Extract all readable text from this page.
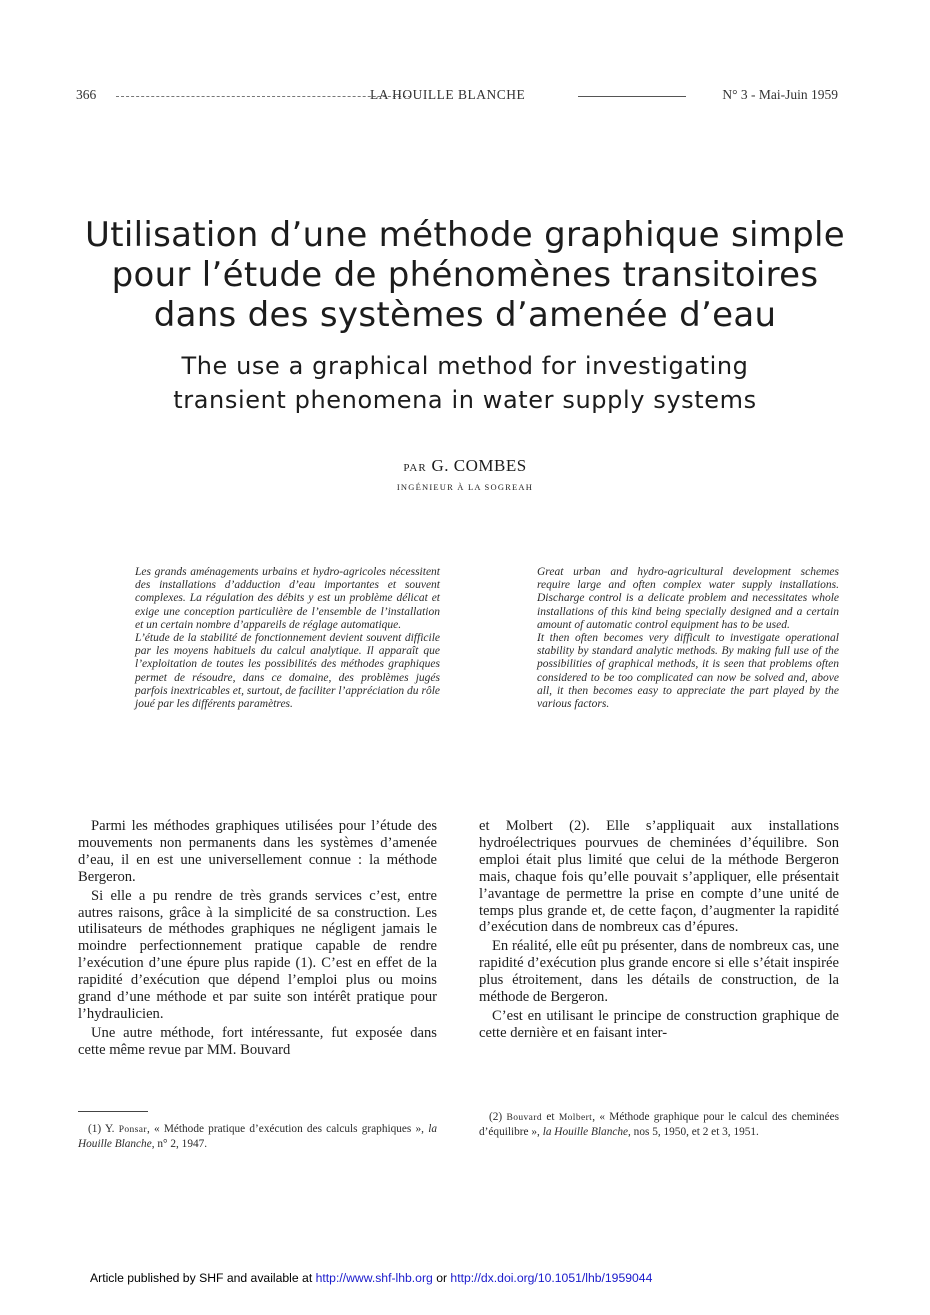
366	LA HOUILLE BLANCHE	N° 3 - Mai-Juin 1959
Utilisation d’une méthode graphique simple
pour l’étude de phénomènes transitoires
dans des systèmes d’amenée d’eau
The use a graphical method for investigating
transient phenomena in water supply systems
PAR G. COMBES
INGÉNIEUR À LA SOGREAH

Les grands aménagements urbains et hydro-agricoles nécessitent des installations d’adduction d’eau importantes et souvent complexes. La régulation des débits y est un problème délicat et exige une conception particulière de l’ensemble de l’installation et un certain nombre d’appareils de réglage automatique.

L’étude de la stabilité de fonctionnement devient souvent difficile par les moyens habituels du calcul analytique. Il apparaît que l’exploitation de toutes les possibilités des méthodes graphiques permet de résoudre, dans ce domaine, des problèmes jugés parfois inextricables et, surtout, de faciliter l’appréciation du rôle joué par les différents paramètres.

Great urban and hydro-agricultural development schemes require large and often complex water supply installations. Discharge control is a delicate problem and necessitates whole installations of this kind being specially designed and a certain amount of automatic control equipment has to be used.

It then often becomes very difficult to investigate operational stability by standard analytic methods. By making full use of the possibilities of graphical methods, it is seen that problems often considered to be too complicated can now be solved and, above all, it then becomes easy to appreciate the part played by the various factors.

Parmi les méthodes graphiques utilisées pour l’étude des mouvements non permanents dans les systèmes d’amenée d’eau, il en est une universellement connue : la méthode Bergeron.

Si elle a pu rendre de très grands services c’est, entre autres raisons, grâce à la simplicité de sa construction. Les utilisateurs de méthodes graphiques ne négligent jamais le moindre perfectionnement pratique capable de rendre l’exécution d’une épure plus rapide (1). C’est en effet de la rapidité d’exécution que dépend l’emploi plus ou moins grand d’une méthode et par suite son intérêt pratique pour l’hydraulicien.

Une autre méthode, fort intéressante, fut exposée dans cette même revue par MM. Bouvard

et Molbert (2). Elle s’appliquait aux installations hydroélectriques pourvues de cheminées d’équilibre. Son emploi était plus limité que celui de la méthode Bergeron mais, chaque fois qu’elle pouvait s’appliquer, elle présentait l’avantage de permettre la prise en compte d’une unité de temps plus grande et, de cette façon, d’augmenter la rapidité d’exécution dans de nombreux cas d’épures.

En réalité, elle eût pu présenter, dans de nombreux cas, une rapidité d’exécution plus grande encore si elle s’était inspirée plus étroitement, dans les détails de construction, de la méthode de Bergeron.

C’est en utilisant le principe de construction graphique de cette dernière et en faisant inter-

(1) Y. Ponsar, « Méthode pratique d’exécution des calculs graphiques », la Houille Blanche, n° 2, 1947.
(2) Bouvard et Molbert, « Méthode graphique pour le calcul des cheminées d’équilibre », la Houille Blanche, nos 5, 1950, et 2 et 3, 1951.
Article published by SHF and available at http://www.shf-lhb.org or http://dx.doi.org/10.1051/lhb/1959044
